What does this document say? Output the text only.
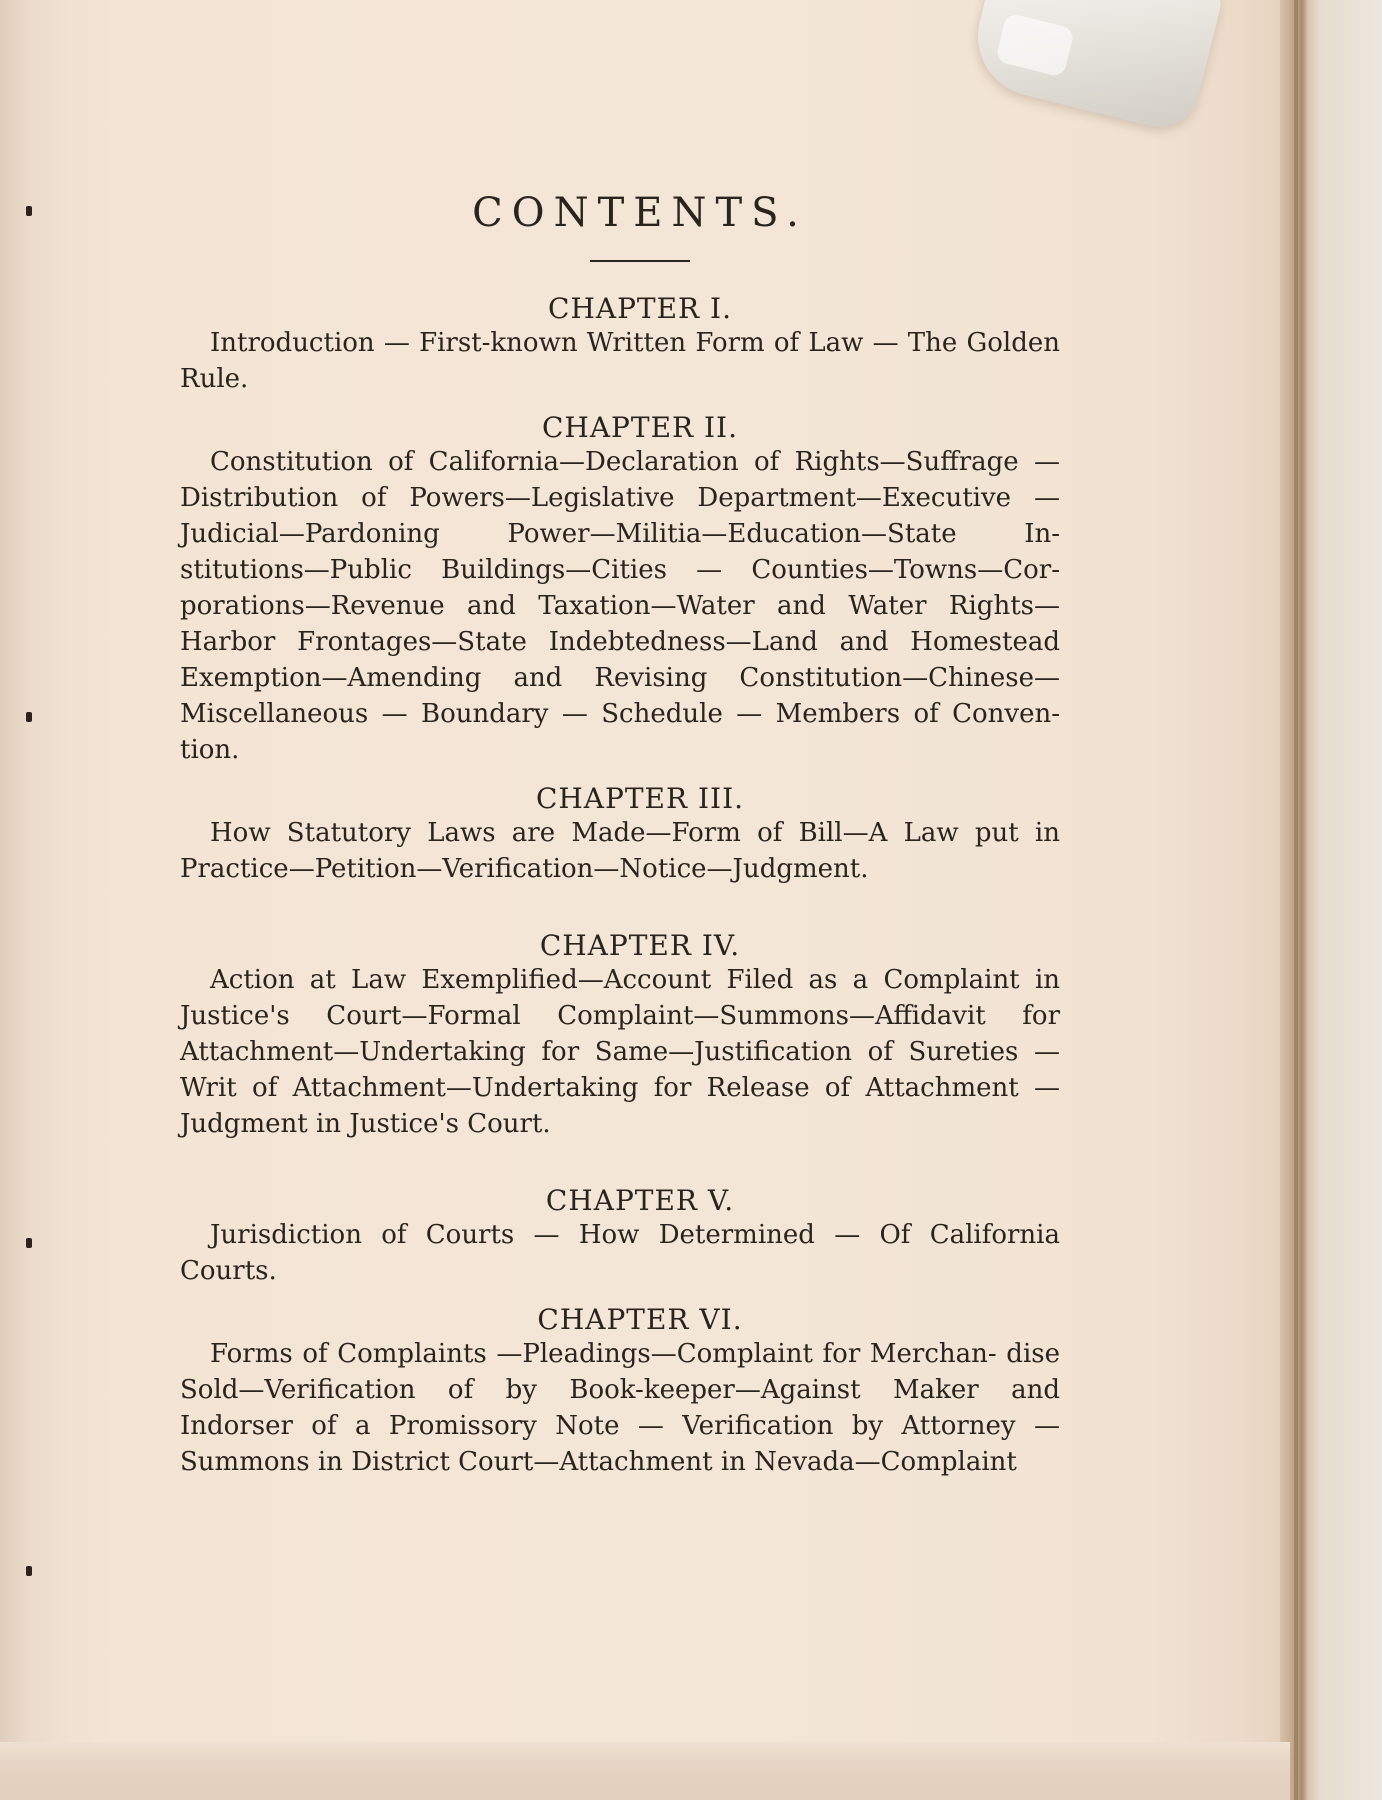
CONTENTS.
CHAPTER I.

Introduction — First-known Written Form of Law — The Golden Rule.

CHAPTER II.

Constitution of California—Declaration of Rights—Suffrage —Distribution of Powers—Legislative Department—Executive —Judicial—Pardoning Power—Militia—Education—State In- stitutions—Public Buildings—Cities — Counties—Towns—Cor- porations—Revenue and Taxation—Water and Water Rights— Harbor Frontages—State Indebtedness—Land and Homestead Exemption—Amending and Revising Constitution—Chinese— Miscellaneous — Boundary — Schedule — Members of Conven- tion.

CHAPTER III.

How Statutory Laws are Made—Form of Bill—A Law put in Practice—Petition—Verification—Notice—Judgment.

CHAPTER IV.

Action at Law Exemplified—Account Filed as a Complaint in Justice's Court—Formal Complaint—Summons—Affidavit for Attachment—Undertaking for Same—Justification of Sureties —Writ of Attachment—Undertaking for Release of Attachment —Judgment in Justice's Court.

CHAPTER V.

Jurisdiction of Courts — How Determined — Of California Courts.

CHAPTER VI.

Forms of Complaints —Pleadings—Complaint for Merchan- dise Sold—Verification of by Book-keeper—Against Maker and Indorser of a Promissory Note — Verification by Attorney — Summons in District Court—Attachment in Nevada—Complaint
